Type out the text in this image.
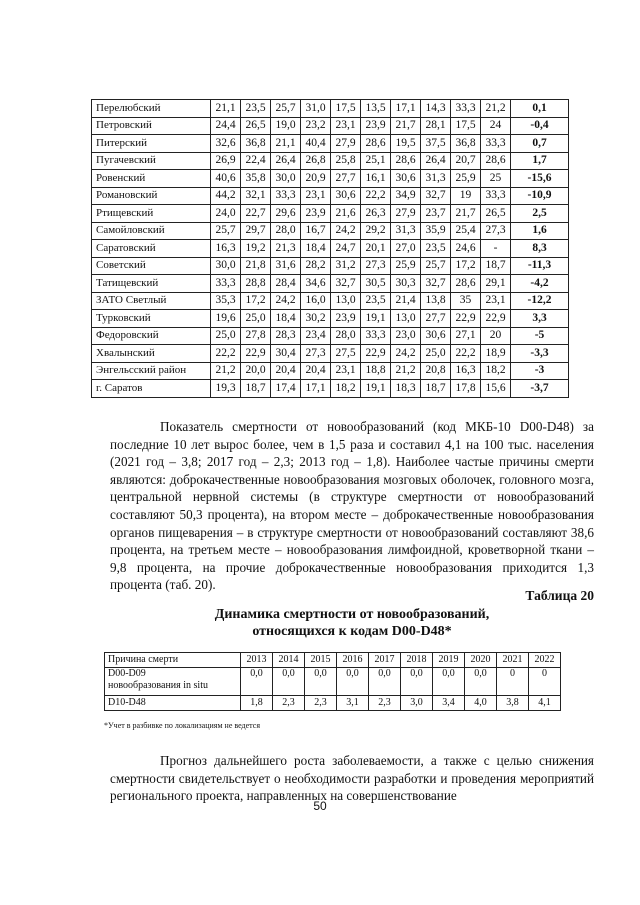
Перелюбский	21,1	23,5	25,7	31,0	17,5	13,5	17,1	14,3	33,3	21,2	0,1
Петровский	24,4	26,5	19,0	23,2	23,1	23,9	21,7	28,1	17,5	24	-0,4
Питерский	32,6	36,8	21,1	40,4	27,9	28,6	19,5	37,5	36,8	33,3	0,7
Пугачевский	26,9	22,4	26,4	26,8	25,8	25,1	28,6	26,4	20,7	28,6	1,7
Ровенский	40,6	35,8	30,0	20,9	27,7	16,1	30,6	31,3	25,9	25	-15,6
Романовский	44,2	32,1	33,3	23,1	30,6	22,2	34,9	32,7	19	33,3	-10,9
Ртищевский	24,0	22,7	29,6	23,9	21,6	26,3	27,9	23,7	21,7	26,5	2,5
Самойловский	25,7	29,7	28,0	16,7	24,2	29,2	31,3	35,9	25,4	27,3	1,6
Саратовский	16,3	19,2	21,3	18,4	24,7	20,1	27,0	23,5	24,6	-	8,3
Советский	30,0	21,8	31,6	28,2	31,2	27,3	25,9	25,7	17,2	18,7	-11,3
Татищевский	33,3	28,8	28,4	34,6	32,7	30,5	30,3	32,7	28,6	29,1	-4,2
ЗАТО Светлый	35,3	17,2	24,2	16,0	13,0	23,5	21,4	13,8	35	23,1	-12,2
Турковский	19,6	25,0	18,4	30,2	23,9	19,1	13,0	27,7	22,9	22,9	3,3
Федоровский	25,0	27,8	28,3	23,4	28,0	33,3	23,0	30,6	27,1	20	-5
Хвалынский	22,2	22,9	30,4	27,3	27,5	22,9	24,2	25,0	22,2	18,9	-3,3
Энгельсский район	21,2	20,0	20,4	20,4	23,1	18,8	21,2	20,8	16,3	18,2	-3
г. Саратов	19,3	18,7	17,4	17,1	18,2	19,1	18,3	18,7	17,8	15,6	-3,7

Показатель смертности от новообразований (код МКБ-10 D00-D48) за последние 10 лет вырос более, чем в 1,5 раза и составил 4,1 на 100 тыс. населения (2021 год – 3,8; 2017 год – 2,3; 2013 год – 1,8). Наиболее частые причины смерти являются: доброкачественные новообразования мозговых оболочек, головного мозга, центральной нервной системы (в структуре смертности от новообразований составляют 50,3 процента), на втором месте – доброкачественные новообразования органов пищеварения – в структуре смертности от новообразований составляют 38,6 процента, на третьем месте – новообразования лимфоидной, кроветворной ткани – 9,8 процента, на прочие доброкачественные новообразования приходится 1,3 процента (таб. 20).

Таблица 20
Динамика смертности от новообразований,
относящихся к кодам D00-D48*
Причина смерти	2013	2014	2015	2016	2017	2018	2019	2020	2021	2022

D00-D09
новообразования in situ	0,0	0,0	0,0	0,0	0,0	0,0	0,0	0,0	0	0
D10-D48	1,8	2,3	2,3	3,1	2,3	3,0	3,4	4,0	3,8	4,1
*Учет в разбивке по локализациям не ведется

Прогноз дальнейшего роста заболеваемости, а также с целью снижения смертности свидетельствует о необходимости разработки и проведения мероприятий регионального проекта, направленных на совершенствование

50
